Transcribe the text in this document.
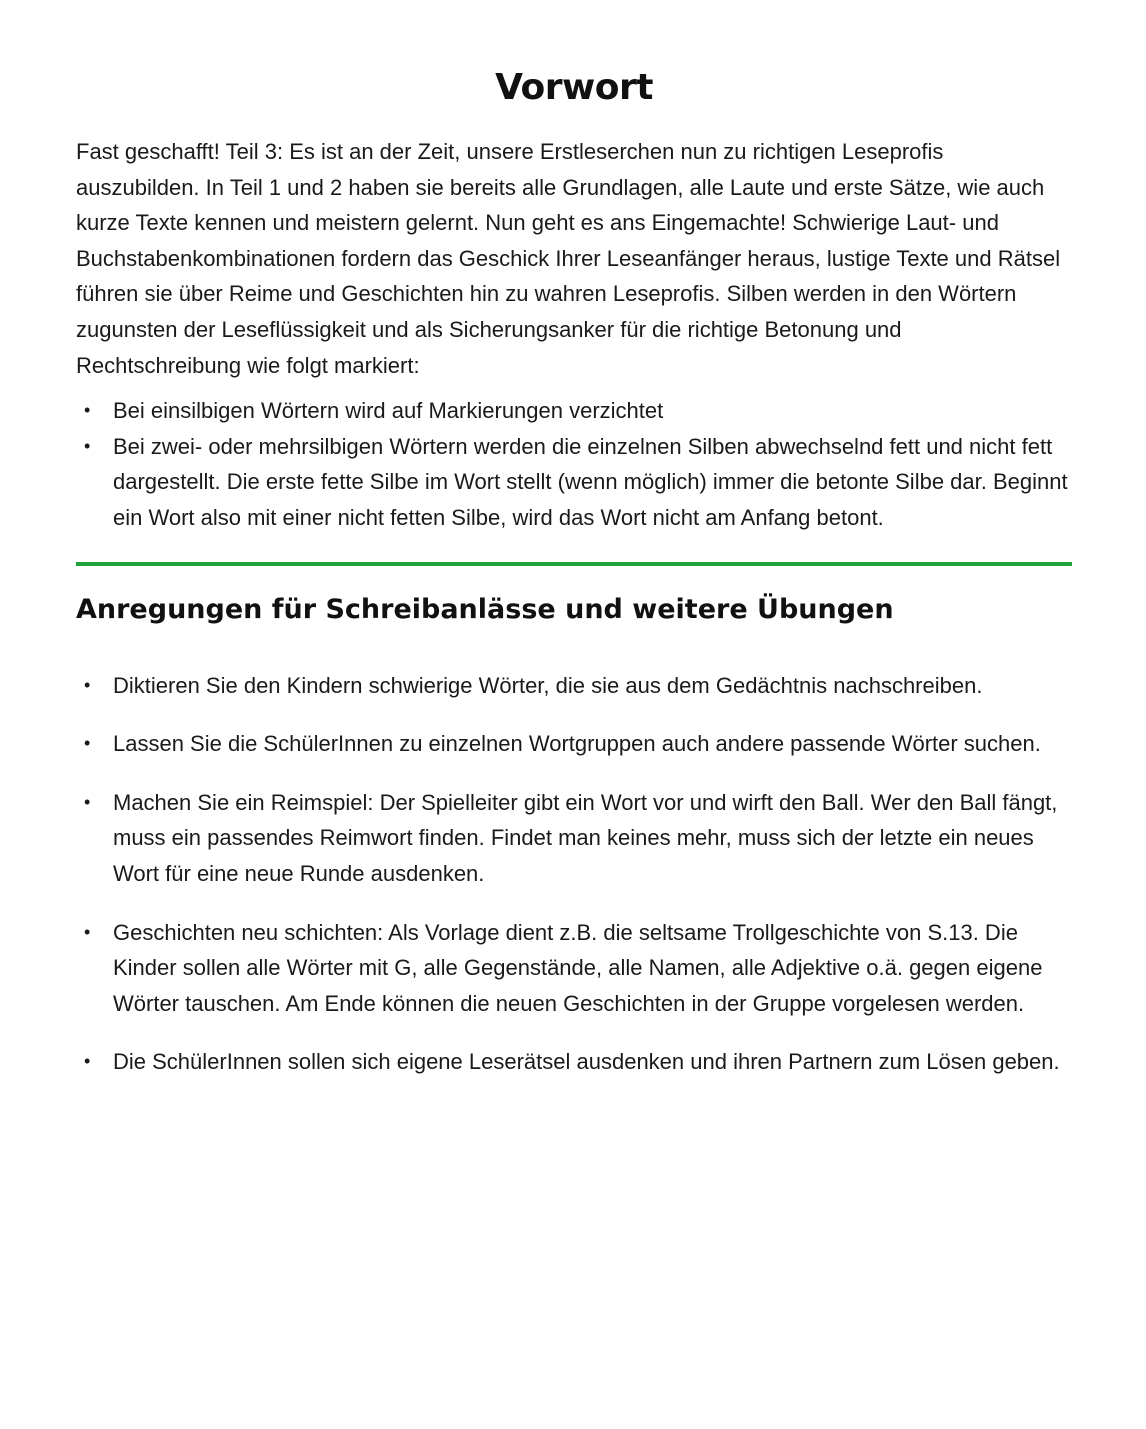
Vorwort

Fast geschafft! Teil 3: Es ist an der Zeit, unsere Erstleserchen nun zu richtigen Leseprofis auszubilden. In Teil 1 und 2 haben sie bereits alle Grundlagen, alle Laute und erste Sätze, wie auch kurze Texte kennen und meistern gelernt. Nun geht es ans Eingemachte! Schwierige Laut- und Buchstabenkombinationen fordern das Geschick Ihrer Leseanfänger heraus, lustige Texte und Rätsel führen sie über Reime und Geschichten hin zu wahren Leseprofis. Silben werden in den Wörtern zugunsten der Leseflüssigkeit und als Sicherungsanker für die richtige Betonung und Rechtschreibung wie folgt markiert:

• Bei einsilbigen Wörtern wird auf Markierungen verzichtet
• Bei zwei- oder mehrsilbigen Wörtern werden die einzelnen Silben abwechselnd fett und nicht fett dargestellt. Die erste fette Silbe im Wort stellt (wenn möglich) immer die betonte Silbe dar. Beginnt ein Wort also mit einer nicht fetten Silbe, wird das Wort nicht am Anfang betont.
Anregungen für Schreibanlässe und weitere Übungen
• Diktieren Sie den Kindern schwierige Wörter, die sie aus dem Gedächtnis nachschreiben.
• Lassen Sie die SchülerInnen zu einzelnen Wortgruppen auch andere passende Wörter suchen.
• Machen Sie ein Reimspiel: Der Spielleiter gibt ein Wort vor und wirft den Ball. Wer den Ball fängt, muss ein passendes Reimwort finden. Findet man keines mehr, muss sich der letzte ein neues Wort für eine neue Runde ausdenken.
• Geschichten neu schichten: Als Vorlage dient z.B. die seltsame Trollgeschichte von S.13. Die Kinder sollen alle Wörter mit G, alle Gegenstände, alle Namen, alle Adjektive o.ä. gegen eigene Wörter tauschen. Am Ende können die neuen Geschichten in der Gruppe vorgelesen werden.
• Die SchülerInnen sollen sich eigene Leserätsel ausdenken und ihren Partnern zum Lösen geben.
